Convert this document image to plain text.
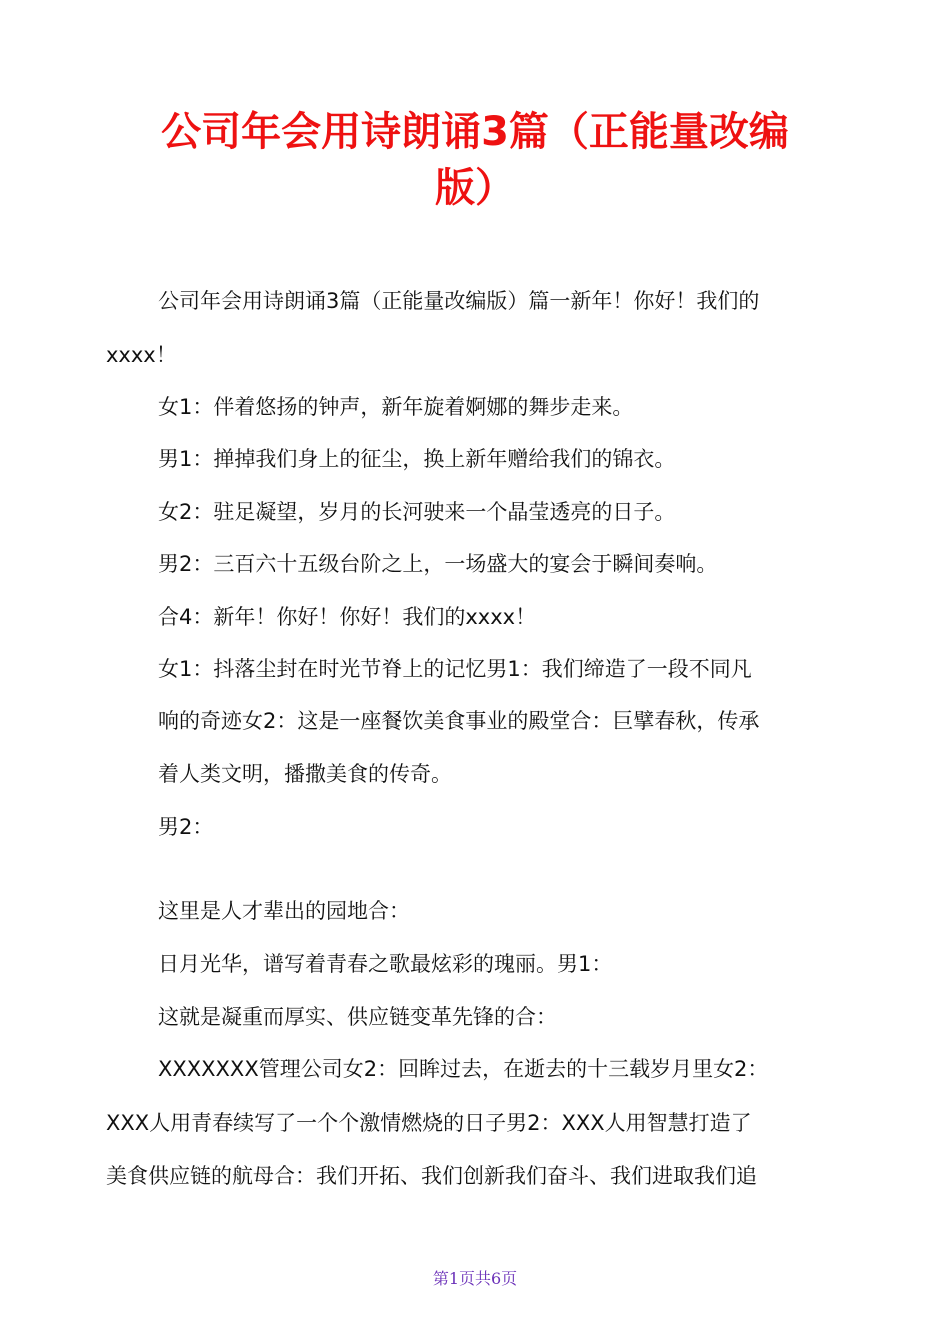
公司年会用诗朗诵3篇（正能量改编
版）

公司年会用诗朗诵3篇（正能量改编版）篇一新年！你好！我们的

xxxx！

女1：伴着悠扬的钟声，新年旋着婀娜的舞步走来。

男1：掸掉我们身上的征尘，换上新年赠给我们的锦衣。

女2：驻足凝望，岁月的长河驶来一个晶莹透亮的日子。

男2：三百六十五级台阶之上，一场盛大的宴会于瞬间奏响。

合4：新年！你好！你好！我们的xxxx！

女1：抖落尘封在时光节脊上的记忆男1：我们缔造了一段不同凡

响的奇迹女2：这是一座餐饮美食事业的殿堂合：巨擘春秋，传承

着人类文明，播撒美食的传奇。

男2：

这里是人才辈出的园地合：

日月光华，谱写着青春之歌最炫彩的瑰丽。男1：

这就是凝重而厚实、供应链变革先锋的合：

XXXXXXX管理公司女2：回眸过去，在逝去的十三载岁月里女2：

XXX人用青春续写了一个个激情燃烧的日子男2：XXX人用智慧打造了

美食供应链的航母合：我们开拓、我们创新我们奋斗、我们进取我们追

第1页共6页
